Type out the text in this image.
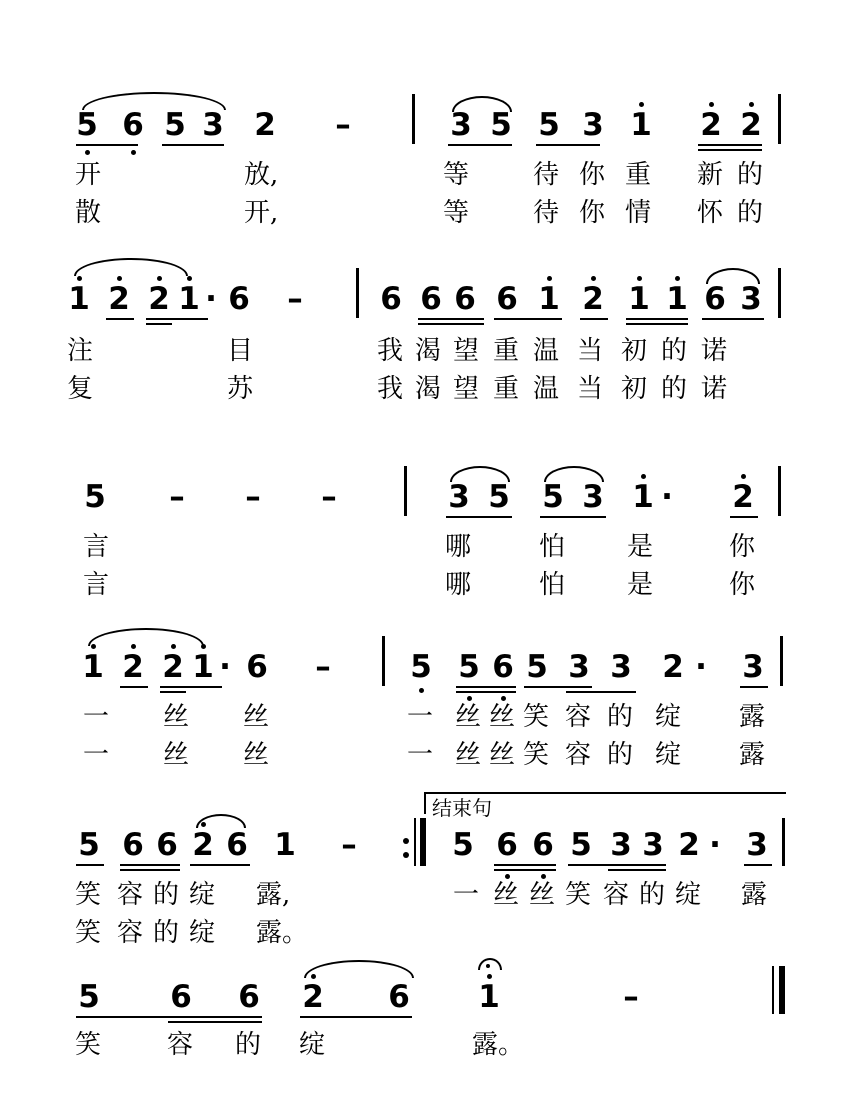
5 6 5 3 2 –	3 5 5 3 1 2 2
开	放,	等 待 你 重 新 的
散	开,	等 待 你 情 怀 的
1 2 2 1 · 6 – 6 6 6 6 1 2 1 1 6 3
注	目	我 渴 望 重 温 当 初 的 诺
复	苏	我 渴 望 重 温 当 初 的 诺
5 – – –	3 5 5 3 1 · 2
言	哪	怕 是	你
言	哪	怕 是	你
1 2 2 1 · 6 –	5 5 6 5 3 3 2 · 3
一 丝 丝	一 丝 丝 笑 容 的 绽 露
一 丝 丝	一 丝 丝 笑 容 的 绽 露
结束句
5 6 6 2 6 1 –	5 6 6 5 3 3 2 · 3
笑 容 的 绽 露,	一 丝 丝 笑 容 的 绽 露
笑 容 的 绽 露。
5 6 6 2 6 1	–
笑	容 的 绽	露。
